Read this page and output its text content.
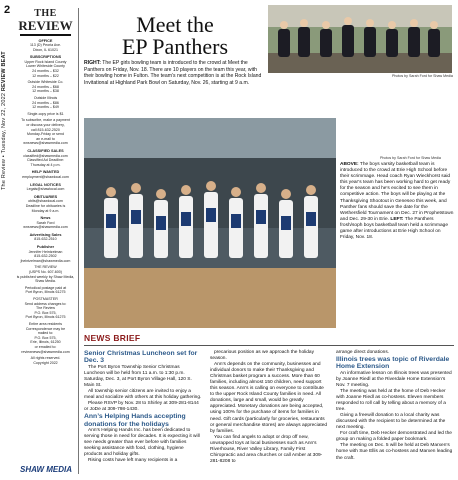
2
The Review • Tuesday, Nov 22, 2022 REVIEW BEAT
THE
REVIEW
OFFICE
113 (D) Peoria Ave.
Dixon, IL 61021
SUBSCRIPTIONS
Upper Rock Island County
Lower Whiteside County
24 months – $32
12 months – $22
Outside Whiteside Co.
24 months – $68
12 months – $38
Outside Illinois
24 months – $86
12 months – $49
Single-copy price is $1
To subscribe, make a payment
or discuss your delivery,
call 815-632-2520
Monday-Friday or send
an e-mail to
wnsnews@shawmedia.com
CLASSIFIED SALES
classified@shawmedia.com
Classified Ad Deadline:
Thursday at 4 p.m.
HELP WANTED
employment@shawlocal.com
LEGAL NOTICES
Legals@shawlocal.com
OBITUARIES
obits@shawlocal.com
Deadline for obituaries is
Monday at 9 a.m.
News
Sarah Ford
wnsnews@shawmedia.com
Advertising Sales
815-632-2510
Publisher
Jennifer Heintzelman
815-632-2502
jheintzelman@shawmedia.com
THE REVIEW
(USPS No. 607-600)
is published weekly by Shaw Media,
Shaw Media.
Periodical postage paid at
Port Byron, Illinois 61275
POSTMASTER
Send address changes to:
The Review
P.O. Box 575,
Port Byron, Illinois 61275
Entire area residents
Correspondence may be
mailed to:
P.O. Box 575,
Erie, Illinois, 61250
or emailed to:
reviewnews@shawmedia.com
All rights reserved.
Copyright 2022
SHAW MEDIA
Meet the
EP Panthers
RIGHT: The EP girls bowling team is introduced to the crowd at Meet the Panthers on Friday, Nov. 18. There are 10 players on the team this year, with their bowling home in Fulton. The team’s next competition is at the Rock Island Invitational at Highland Park Bowl on Saturday, Nov. 26, starting at 9 a.m.
Photos by Sarah Ford for Shaw Media
Photos by Sarah Ford for Shaw Media
ABOVE: The boys varsity basketball team is introduced to the crowd at Erie High School before their scrimmage. Head coach Ryan Wieckhorst said this year’s team has been working hard to get ready for the season and he’s excited to see them in competitive action. The boys will be playing at the Thanksgiving Shootout in Geneseo this week, and Panther fans should save the date for the Wethersfield Tournament on Dec. 27 in Prophetstown and Dec. 29-30 in Erie. LEFT: The Panthers frosh/soph boys basketball team held a scrimmage game after introductions at Erie High School on Friday, Nov. 18.
NEWS BRIEF
Senior Christmas Luncheon set for Dec. 3

The Port Byron Township Senior Christmas Luncheon will be held from 11 a.m. to 1:30 p.m. Saturday, Dec. 3, at Port Byron Village Hall, 120 S. Main St.

All township senior citizens are invited to enjoy a meal and socialize with others at this holiday gathering.

Please RSVP by Nov. 28 to Shirley at 309-281-8144 or JoDe at 309-798-1430.

Ann’s Helping Hands accepting donations for the holidays

Ann’s Helping Hands Inc. has been dedicated to serving those in need for decades. It is expecting it will see needs greater than ever before with families seeking assistance with food, clothing, hygiene products and holiday gifts.

Rising costs have left many recipients in a

precarious position as we approach the holiday season.

Ann’s depends on the community, businesses and individual donors to make their Thanksgiving and Christmas basket program a success. More than 60 families, including almost 150 children, need support this season. Ann’s is calling on everyone to contribute to the upper Rock Island County families in need. All donations, large and small, would be greatly appreciated. Monetary donations are being accepted, using 100% for the purchase of items for families in need. Gift cards (particularly for groceries, restaurants or general merchandise stores) are always appreciated by families.

You can find angels to adopt or drop off new, unwrapped toys at local businesses such as Ann’s Riverhouse, River Valley Library, Family First Chiropractic and area churches or call Amber at 309-281-8208 to

arrange direct donations.

Illinois trees was topic of Riverdale Home Extension

An informative lesson on Illinois trees was presented by Joanne Riedl at the Riverdale Home Extension’s Nov. 7 meeting.

The meeting was held at the home of Deb Hecker with Joanne Riedl as co-hostess. Eleven members responded to roll call by telling about a memory of a tree.

Giving a freewill donation to a local charity was discussed with the recipient to be determined at the next meeting.

For craft time, Deb Hecker demonstrated and led the group on making a folded paper bookmark.

The meeting on Dec. 5 will be held at Deb Marxen’s home with Sue Ellis as co-hostess and Marxen leading the craft.
